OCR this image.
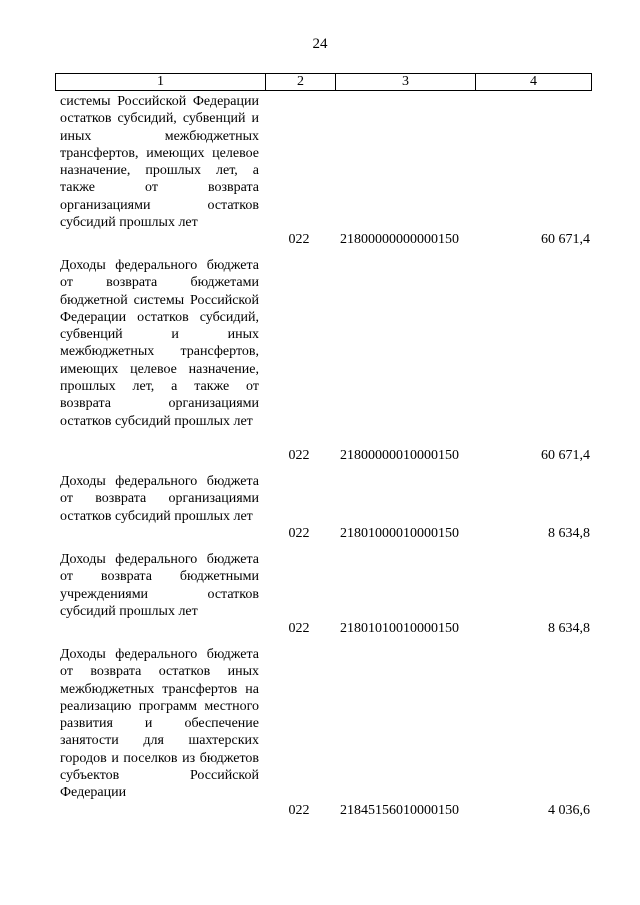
24
1	2	3	4
системы Российской Федерации остатков субсидий, субвенций и иных межбюджетных трансфертов, имеющих целевое назначение, прошлых лет, а также от возврата организациями остатков субсидий прошлых лет
022	21800000000000150	60 671,4
Доходы федерального бюджета от возврата бюджетами бюджетной системы Российской Федерации остатков субсидий, субвенций и иных межбюджетных трансфертов, имеющих целевое назначение, прошлых лет, а также от возврата организациями остатков субсидий прошлых лет
022	21800000010000150	60 671,4
Доходы федерального бюджета от возврата организациями остатков субсидий прошлых лет
022	21801000010000150	8 634,8
Доходы федерального бюджета от возврата бюджетными учреждениями остатков субсидий прошлых лет
022	21801010010000150	8 634,8
Доходы федерального бюджета от возврата остатков иных межбюджетных трансфертов на реализацию программ местного развития и обеспечение занятости для шахтерских городов и поселков из бюджетов субъектов Российской Федерации
022	21845156010000150	4 036,6
